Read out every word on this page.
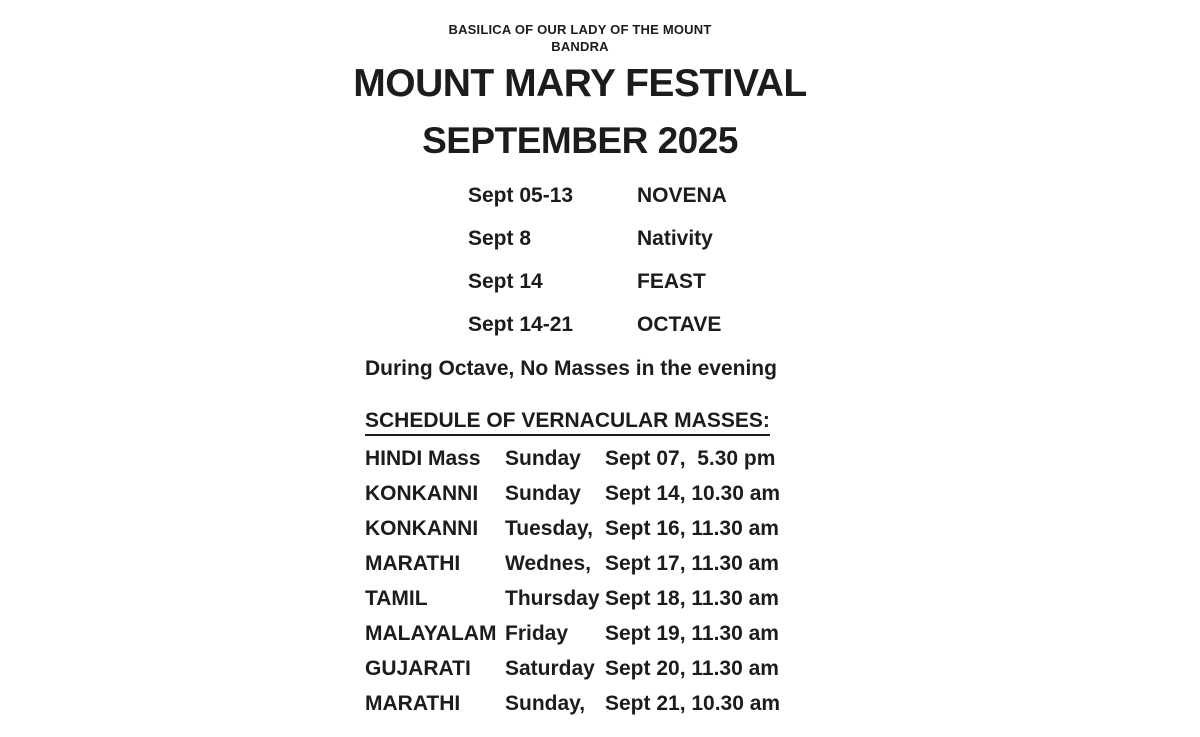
BASILICA OF OUR LADY OF THE MOUNT
BANDRA
MOUNT MARY FESTIVAL
SEPTEMBER 2025
Sept 05-13	NOVENA
Sept 8	Nativity
Sept 14	FEAST
Sept 14-21	OCTAVE
During Octave, No Masses in the evening
SCHEDULE OF VERNACULAR MASSES:
HINDI Mass	Sunday	Sept 07,  5.30 pm
KONKANNI	Sunday	Sept 14, 10.30 am
KONKANNI	Tuesday, Sept 16, 11.30 am
MARATHI	Wednes, Sept 17, 11.30 am
TAMIL	Thursday Sept 18, 11.30 am
MALAYALAM Friday	Sept 19, 11.30 am
GUJARATI	Saturday Sept 20, 11.30 am
MARATHI	Sunday, Sept 21, 10.30 am
